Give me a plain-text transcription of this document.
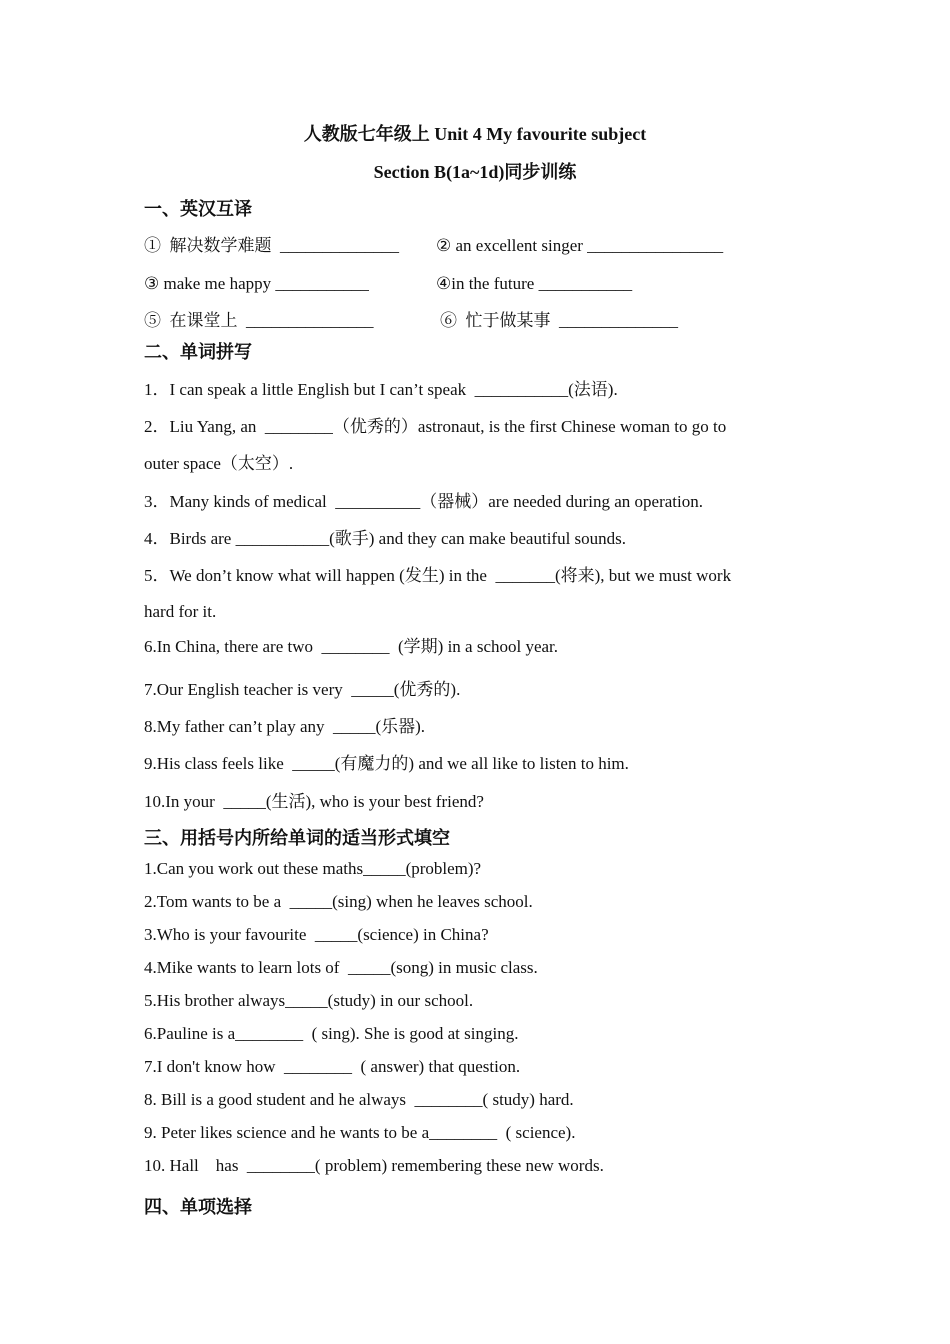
人教版七年级上 Unit 4 My favourite subject
Section B(1a~1d)同步训练
一、英汉互译
①  解决数学难题  ______________ ② an excellent singer ________________
③ make me happy ___________	④in the future ___________
⑤  在课堂上  _______________	⑥  忙于做某事  ______________
二、单词拼写
1．I can speak a little English but I can’t speak  ___________(法语).
2．Liu Yang, an  ________（优秀的）astronaut, is the first Chinese woman to go to
outer space（太空）.
3．Many kinds of medical  __________（器械）are needed during an operation.
4．Birds are ___________(歌手) and they can make beautiful sounds.
5．We don’t know what will happen (发生) in the  _______(将来), but we must work
hard for it.
6.In China, there are two  ________  (学期) in a school year.
7.Our English teacher is very  _____(优秀的).
8.My father can’t play any  _____(乐器).
9.His class feels like  _____(有魔力的) and we all like to listen to him.
10.In your  _____(生活), who is your best friend?
三、用括号内所给单词的适当形式填空
1.Can you work out these maths_____(problem)?
2.Tom wants to be a  _____(sing) when he leaves school.
3.Who is your favourite  _____(science) in China?
4.Mike wants to learn lots of  _____(song) in music class.
5.His brother always_____(study) in our school.
6.Pauline is a________  ( sing). She is good at singing.
7.I don't know how  ________  ( answer) that question.
8. Bill is a good student and he always  ________( study) hard.
9. Peter likes science and he wants to be a________  ( science).
10. Hall    has  ________( problem) remembering these new words.
四、单项选择
